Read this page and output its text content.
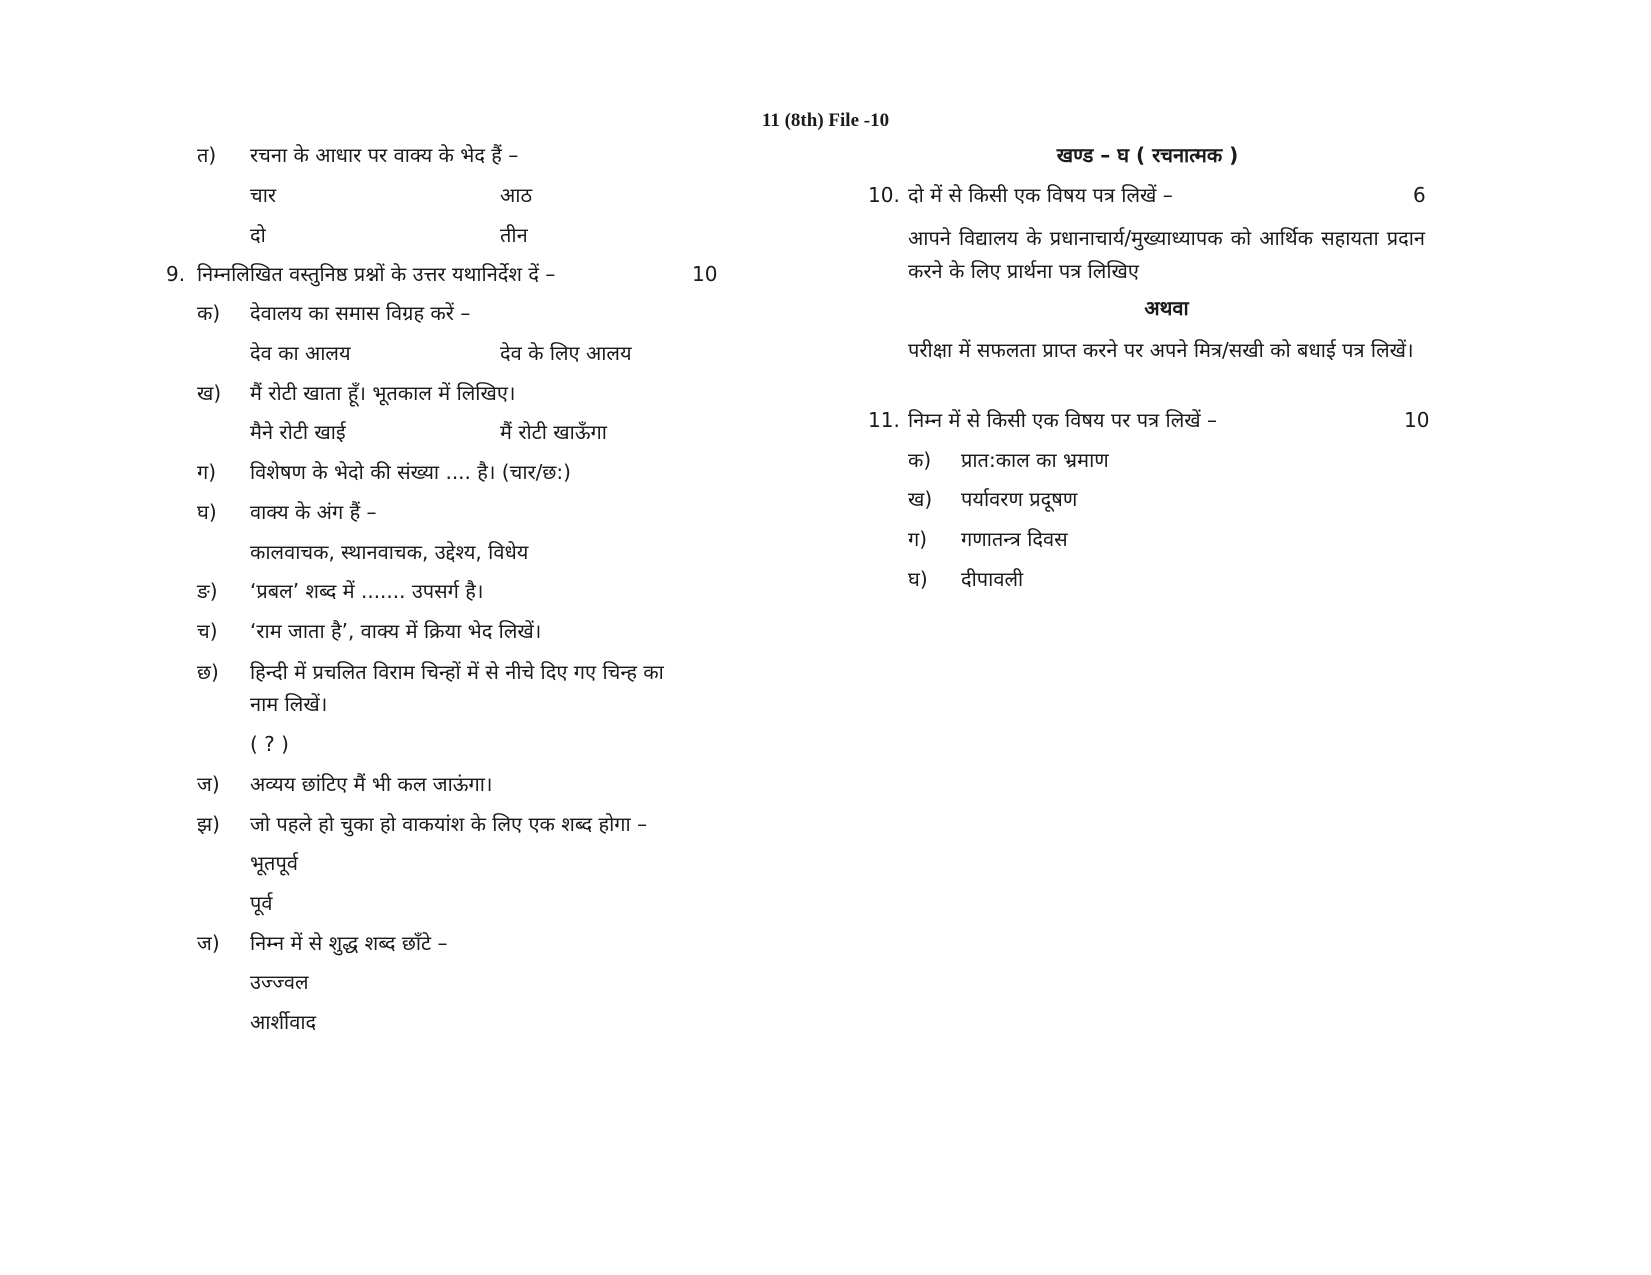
11 (8th) File -10
त) रचना के आधार पर वाक्य के भेद हैं –
चार	आठ
दो	तीन
9. निम्नलिखित वस्तुनिष्ठ प्रश्नों के उत्तर यथानिर्देश दें –	10
क) देवालय का समास विग्रह करें –
देव का आलय	देव के लिए आलय
ख) मैं रोटी खाता हूँ। भूतकाल में लिखिए।
मैने रोटी खाई	मैं रोटी खाऊँगा
ग) विशेषण के भेदो की संख्या .... है। (चार/छ:)
घ) वाक्य के अंग हैं –
कालवाचक, स्थानवाचक, उद्देश्य, विधेय
ङ) ‘प्रबल’ शब्द में ....... उपसर्ग है।
च) ‘राम जाता है’, वाक्य में क्रिया भेद लिखें।
छ) हिन्दी में प्रचलित विराम चिन्हों में से नीचे दिए गए चिन्ह का
नाम लिखें।
( ? )
ज) अव्यय छांटिए मैं भी कल जाऊंगा।
झ) जो पहले हो चुका हो वाकयांश के लिए एक शब्द होगा –
भूतपूर्व
पूर्व
ज) निम्न में से शुद्ध शब्द छाँटे –
उज्ज्वल
आर्शीवाद
खण्ड – घ ( रचनात्मक )
10. दो में से किसी एक विषय पत्र लिखें –	6
आपने विद्यालय के प्रधानाचार्य/मुख्याध्यापक को आर्थिक सहायता प्रदान करने के लिए प्रार्थना पत्र लिखिए
अथवा
परीक्षा में सफलता प्राप्त करने पर अपने मित्र/सखी को बधाई पत्र लिखें।
11. निम्न में से किसी एक विषय पर पत्र लिखें –	10
क) प्रात:काल का भ्रमाण
ख) पर्यावरण प्रदूषण
ग) गणातन्त्र दिवस
घ) दीपावली
